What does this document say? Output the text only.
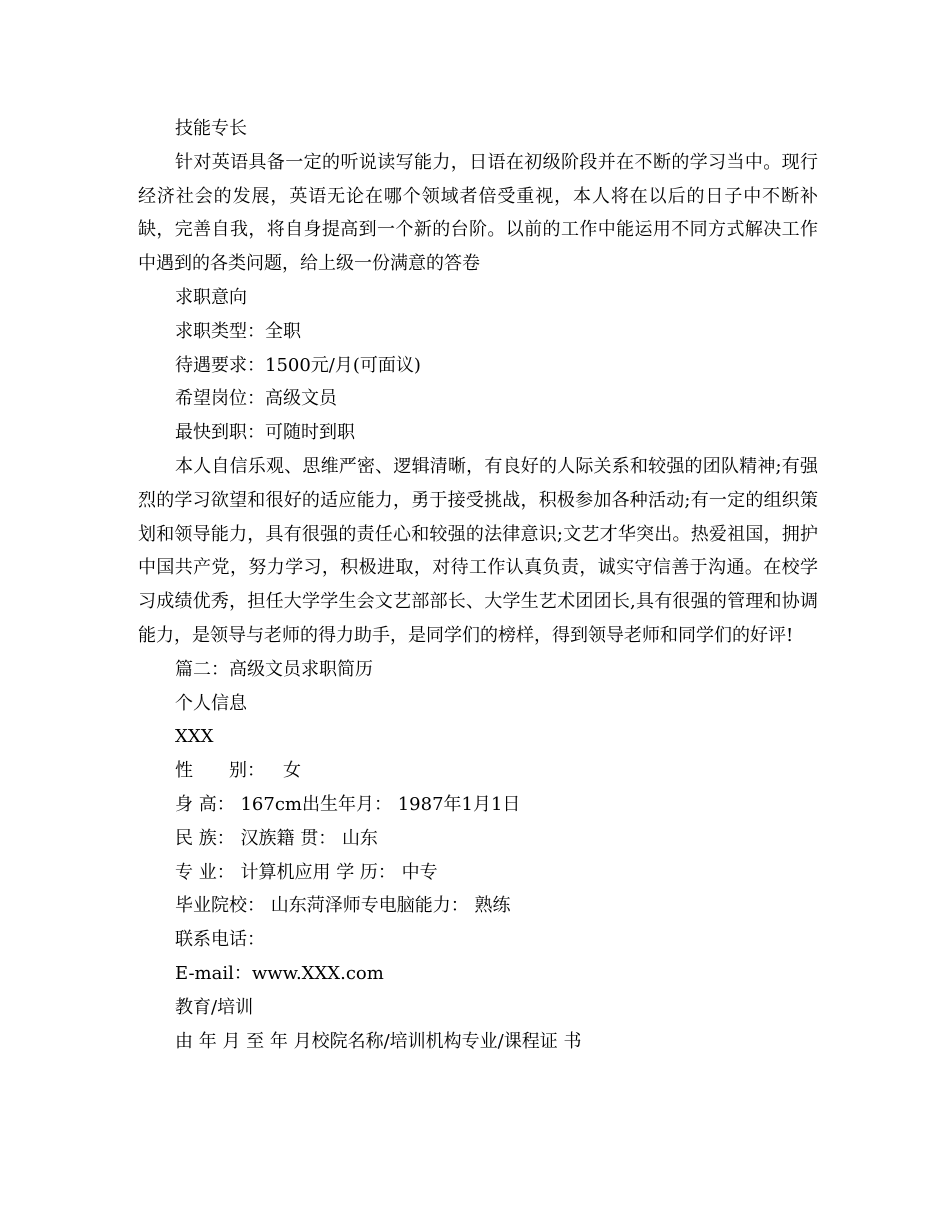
技能专长
针对英语具备一定的听说读写能力，日语在初级阶段并在不断的学习当中。现行经济社会的发展，英语无论在哪个领域者倍受重视，本人将在以后的日子中不断补缺，完善自我，将自身提高到一个新的台阶。以前的工作中能运用不同方式解决工作中遇到的各类问题，给上级一份满意的答卷
求职意向
求职类型：全职
待遇要求：1500元/月(可面议)
希望岗位：高级文员
最快到职：可随时到职
本人自信乐观、思维严密、逻辑清晰，有良好的人际关系和较强的团队精神;有强烈的学习欲望和很好的适应能力，勇于接受挑战，积极参加各种活动;有一定的组织策划和领导能力，具有很强的责任心和较强的法律意识;文艺才华突出。热爱祖国，拥护中国共产党，努力学习，积极进取，对待工作认真负责，诚实守信善于沟通。在校学习成绩优秀，担任大学学生会文艺部部长、大学生艺术团团长,具有很强的管理和协调能力，是领导与老师的得力助手，是同学们的榜样，得到领导老师和同学们的好评!
篇二：高级文员求职简历
个人信息
XXX
性 别： 女
身 高： 167cm出生年月： 1987年1月1日
民 族： 汉族籍 贯： 山东
专 业： 计算机应用 学 历： 中专
毕业院校： 山东菏泽师专电脑能力： 熟练
联系电话：
E-mail：www.XXX.com
教育/培训
由 年 月 至 年 月校院名称/培训机构专业/课程证 书
